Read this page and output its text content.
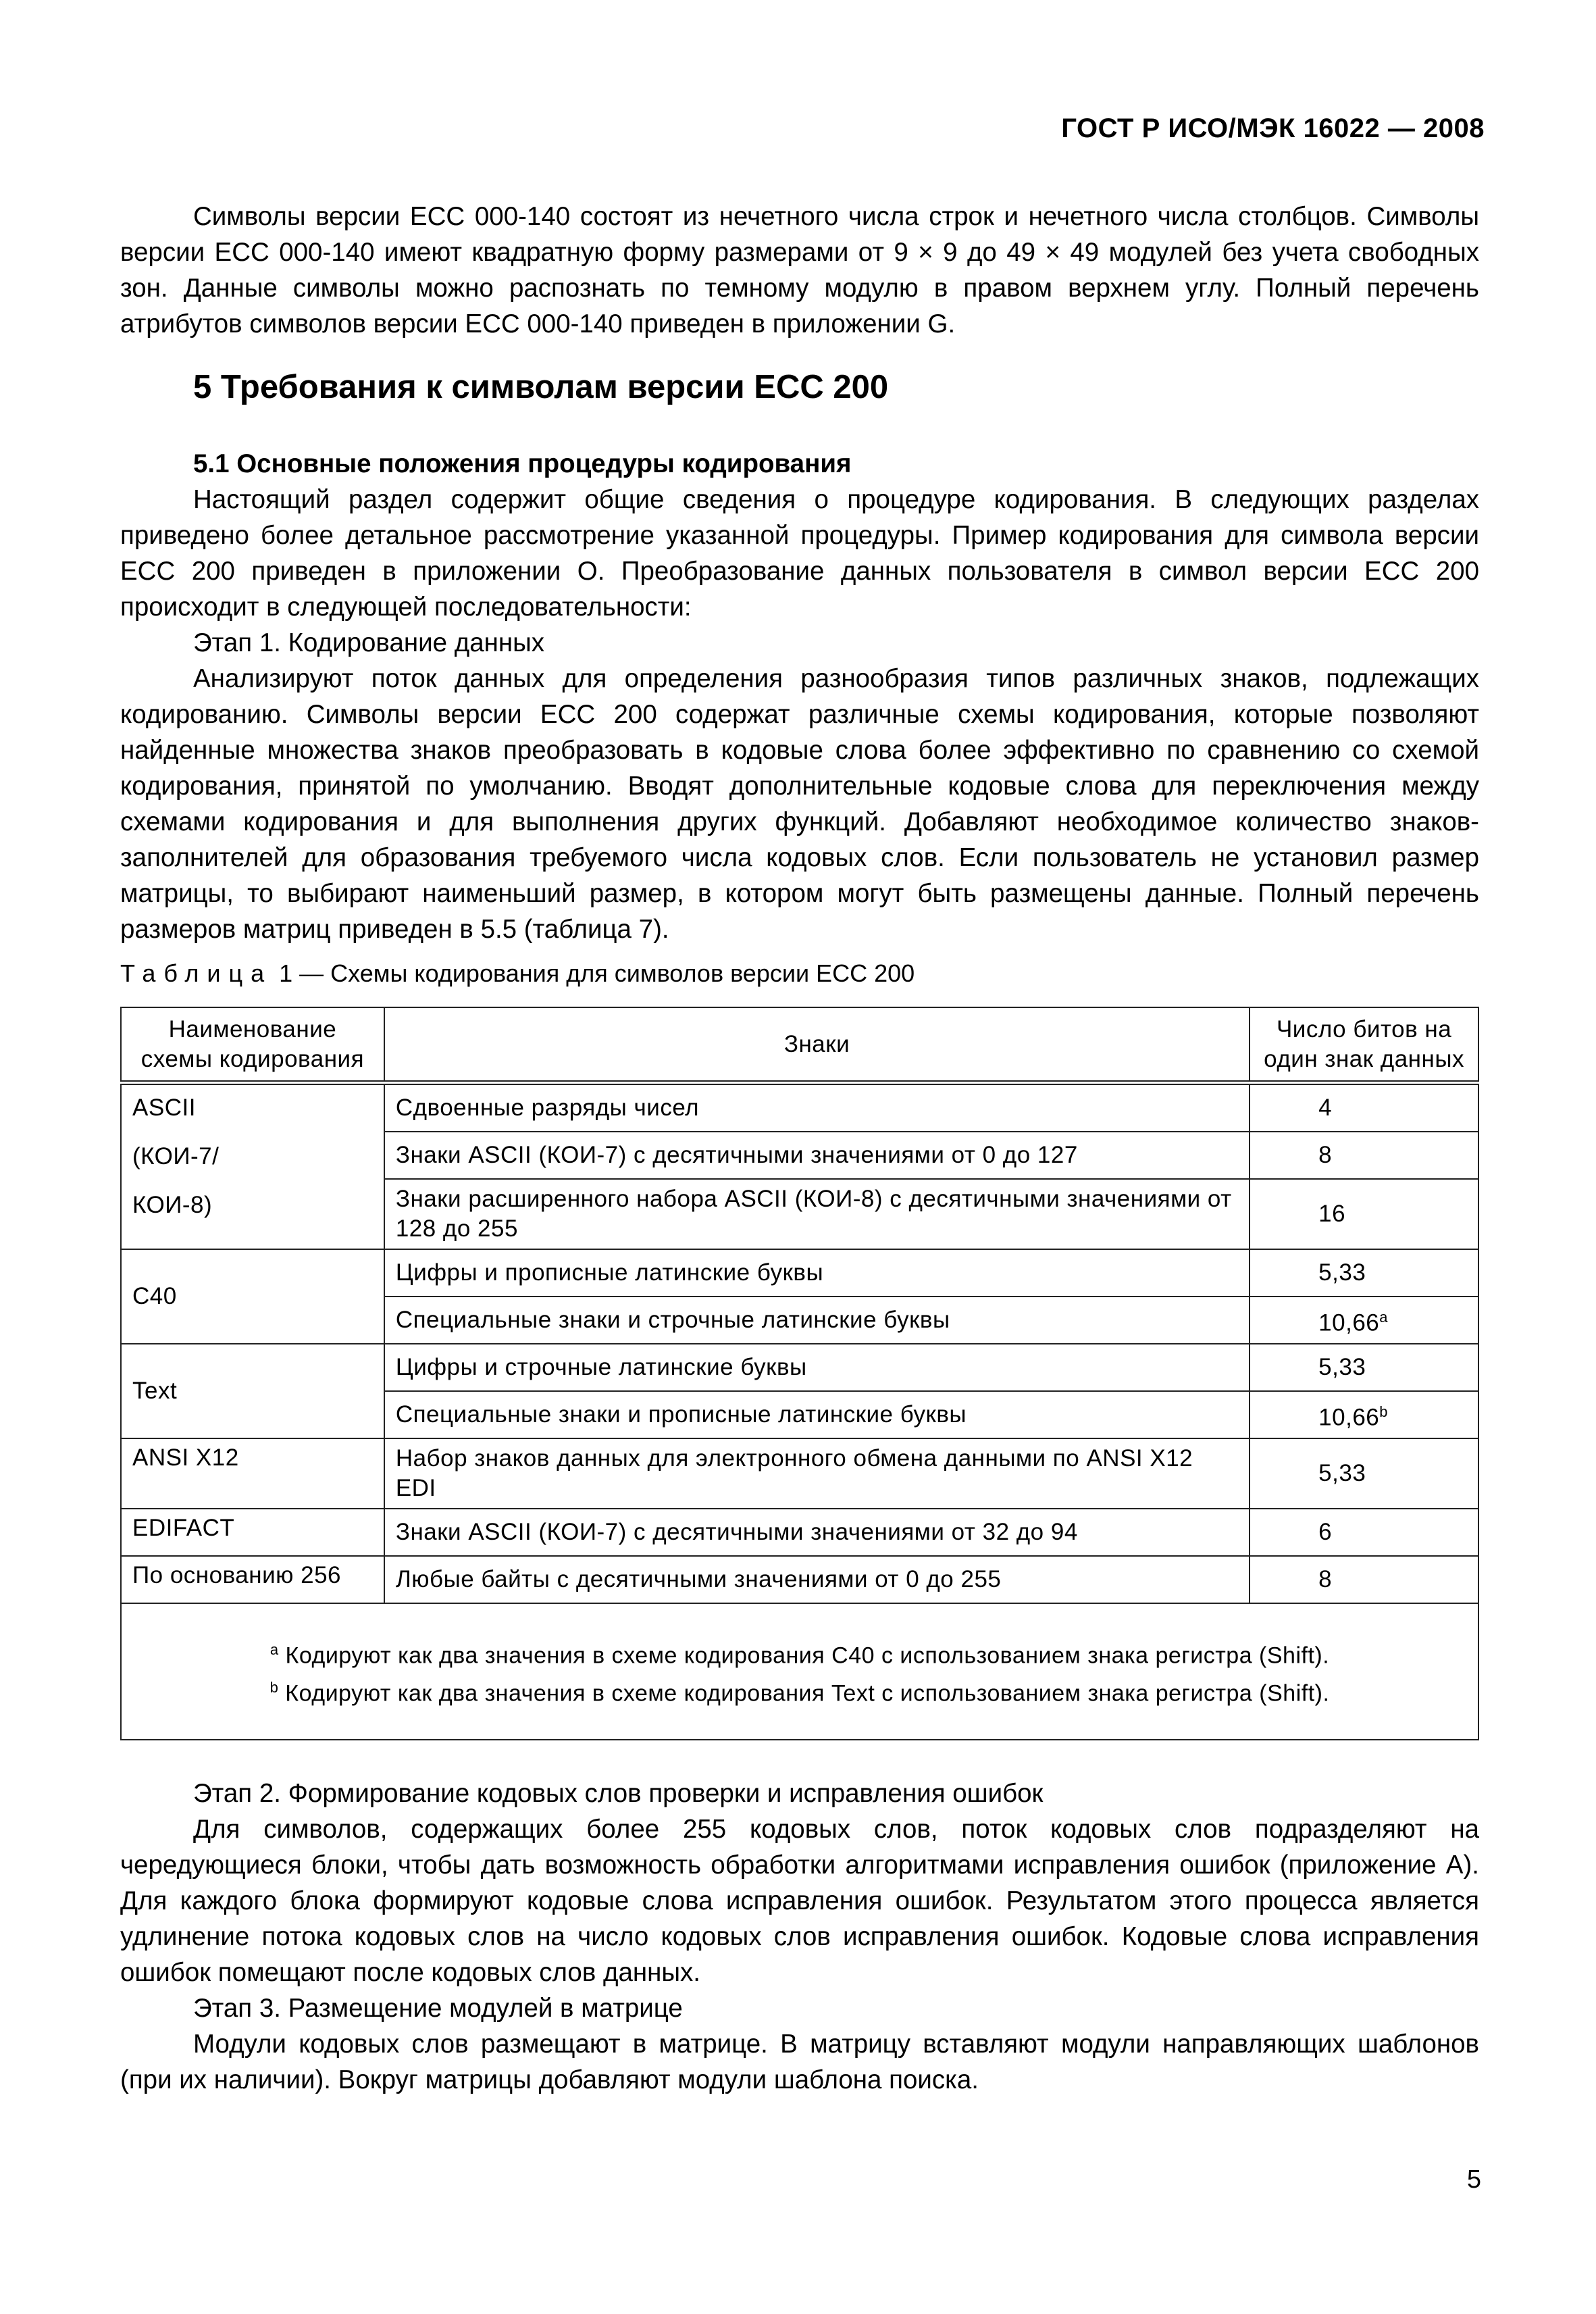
ГОСТ Р ИСО/МЭК 16022 — 2008

Символы версии ЕСС 000-140 состоят из нечетного числа строк и нечетного числа столбцов. Символы версии ЕСС 000-140 имеют квадратную форму размерами от 9 × 9 до 49 × 49 модулей без учета свободных зон. Данные символы можно распознать по темному модулю в правом верхнем углу. Полный перечень атрибутов символов версии ЕСС 000-140 приведен в приложении G.

5 Требования к символам версии ЕСС 200

5.1 Основные положения процедуры кодирования

Настоящий раздел содержит общие сведения о процедуре кодирования. В следующих разделах приведено более детальное рассмотрение указанной процедуры. Пример кодирования для символа версии ЕСС 200 приведен в приложении О. Преобразование данных пользователя в символ версии ЕСС 200 происходит в следующей последовательности:

Этап 1. Кодирование данных

Анализируют поток данных для определения разнообразия типов различных знаков, подлежащих кодированию. Символы версии ЕСС 200 содержат различные схемы кодирования, которые позволяют найденные множества знаков преобразовать в кодовые слова более эффективно по сравнению со схемой кодирования, принятой по умолчанию. Вводят дополнительные кодовые слова для переключения между схемами кодирования и для выполнения других функций. Добавляют необходимое количество знаков-заполнителей для образования требуемого числа кодовых слов. Если пользователь не установил размер матрицы, то выбирают наименьший размер, в котором могут быть размещены данные. Полный перечень размеров матриц приведен в 5.5 (таблица 7).

Таблица 1 — Схемы кодирования для символов версии ЕСС 200
Наименование схемы кодирования	Знаки	Число битов на один знак данных

ASCII
(КОИ-7/
КОИ-8)	Сдвоенные разряды чисел	4
	Знаки ASCII (КОИ-7) с десятичными значениями от 0 до 127	8
	Знаки расширенного набора ASCII (КОИ-8) с десятичными значениями от 128 до 255	16
С40	Цифры и прописные латинские буквы	5,33
	Специальные знаки и строчные латинские буквы	10,66$^a$
Text	Цифры и строчные латинские буквы	5,33
	Специальные знаки и прописные латинские буквы	10,66$^b$
ANSI X12	Набор знаков данных для электронного обмена данными по ANSI X12 EDI	5,33
EDIFACT	Знаки ASCII (КОИ-7) с десятичными значениями от 32 до 94	6
По основанию 256	Любые байты с десятичными значениями от 0 до 255	8

$^a$ Кодируют как два значения в схеме кодирования С40 с использованием знака регистра (Shift).
$^b$ Кодируют как два значения в схеме кодирования Text с использованием знака регистра (Shift).		

Этап 2. Формирование кодовых слов проверки и исправления ошибок

Для символов, содержащих более 255 кодовых слов, поток кодовых слов подразделяют на чередующиеся блоки, чтобы дать возможность обработки алгоритмами исправления ошибок (приложение А). Для каждого блока формируют кодовые слова исправления ошибок. Результатом этого процесса является удлинение потока кодовых слов на число кодовых слов исправления ошибок. Кодовые слова исправления ошибок помещают после кодовых слов данных.

Этап 3. Размещение модулей в матрице

Модули кодовых слов размещают в матрице. В матрицу вставляют модули направляющих шаблонов (при их наличии). Вокруг матрицы добавляют модули шаблона поиска.

5
